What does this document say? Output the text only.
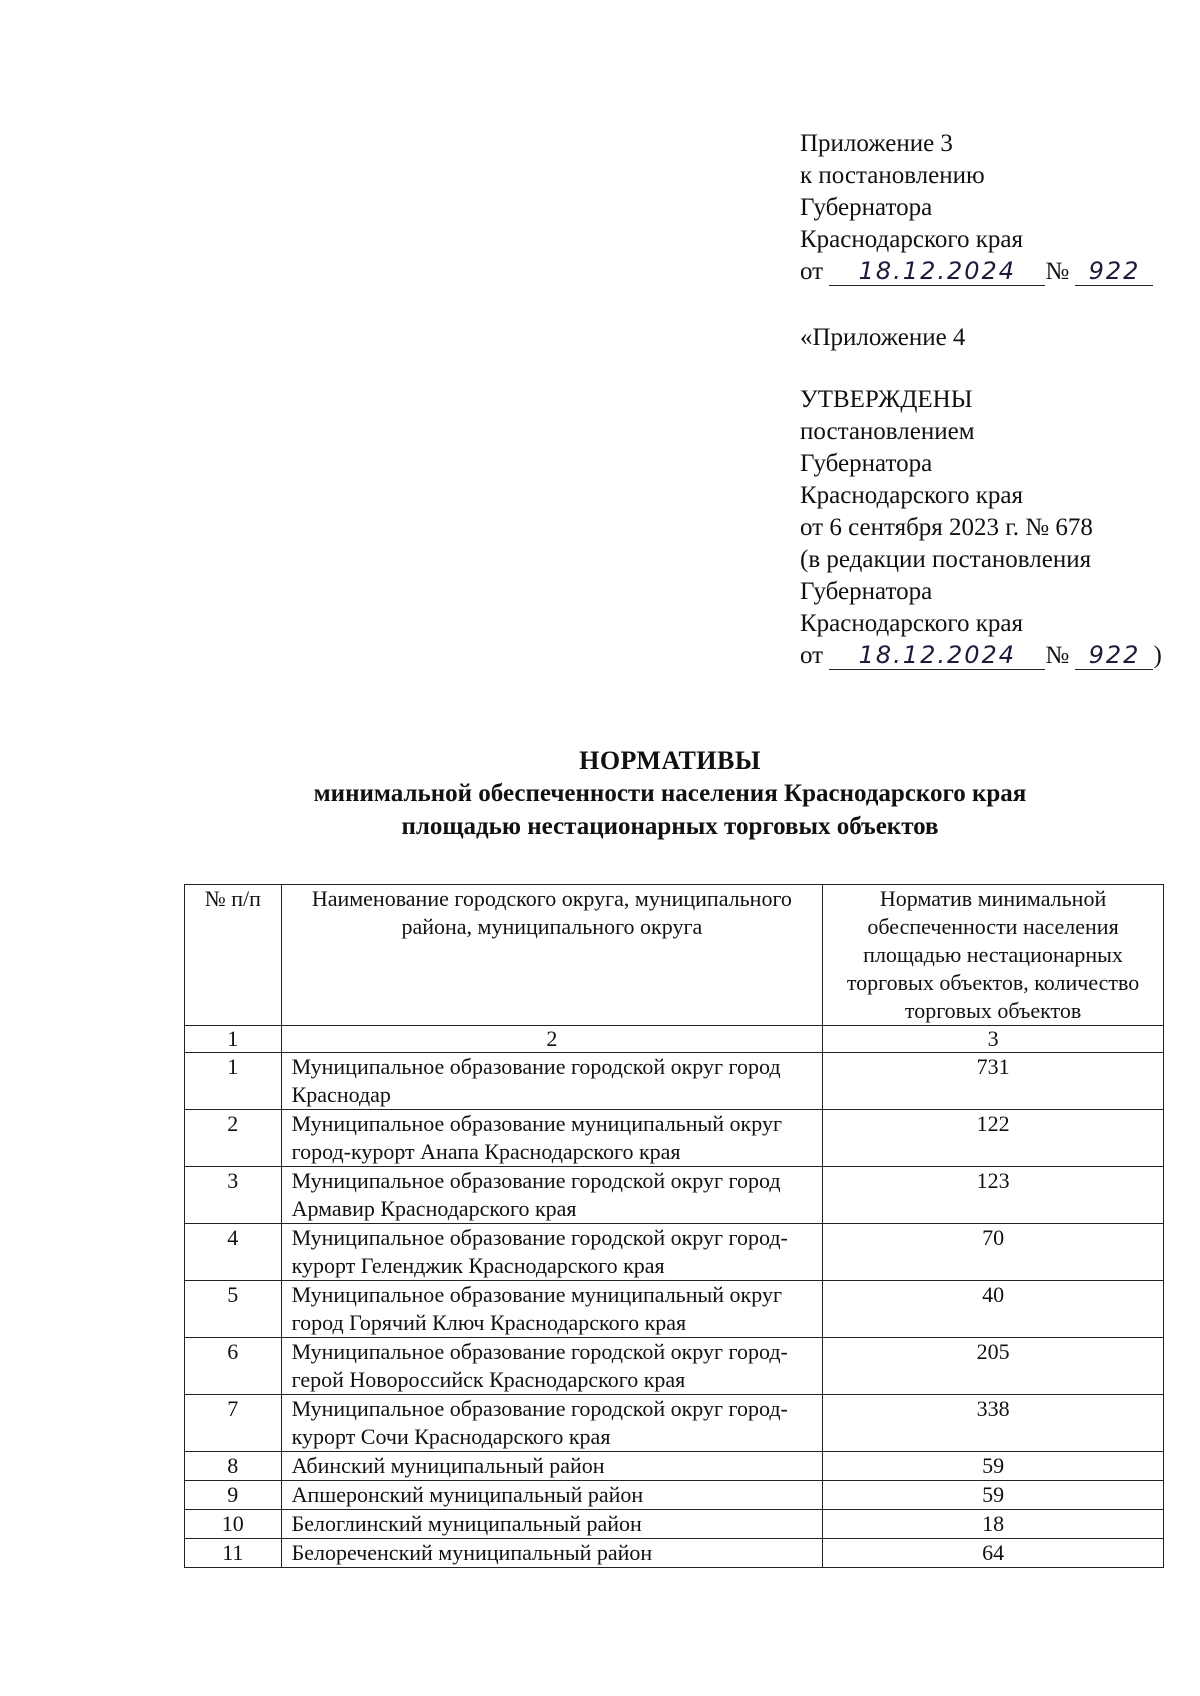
Приложение 3
к постановлению
Губернатора
Краснодарского края
от 18.12.2024 № 922
«Приложение 4
УТВЕРЖДЕНЫ
постановлением
Губернатора
Краснодарского края
от 6 сентября 2023 г. № 678
(в редакции постановления
Губернатора
Краснодарского края
от 18.12.2024 № 922 )
НОРМАТИВЫ
минимальной обеспеченности населения Краснодарского края
площадью нестационарных торговых объектов
№ п/п	Наименование городского округа, муниципального района, муниципального округа	Норматив минимальной обеспеченности населения площадью нестационарных торговых объектов, количество торговых объектов
1	2	3
1	Муниципальное образование городской округ город Краснодар	731
2	Муниципальное образование муниципальный округ город-курорт Анапа Краснодарского края	122
3	Муниципальное образование городской округ город Армавир Краснодарского края	123
4	Муниципальное образование городской округ город-курорт Геленджик Краснодарского края	70
5	Муниципальное образование муниципальный округ город Горячий Ключ Краснодарского края	40
6	Муниципальное образование городской округ город-герой Новороссийск Краснодарского края	205
7	Муниципальное образование городской округ город-курорт Сочи Краснодарского края	338
8	Абинский муниципальный район	59
9	Апшеронский муниципальный район	59
10	Белоглинский муниципальный район	18
11	Белореченский муниципальный район	64
